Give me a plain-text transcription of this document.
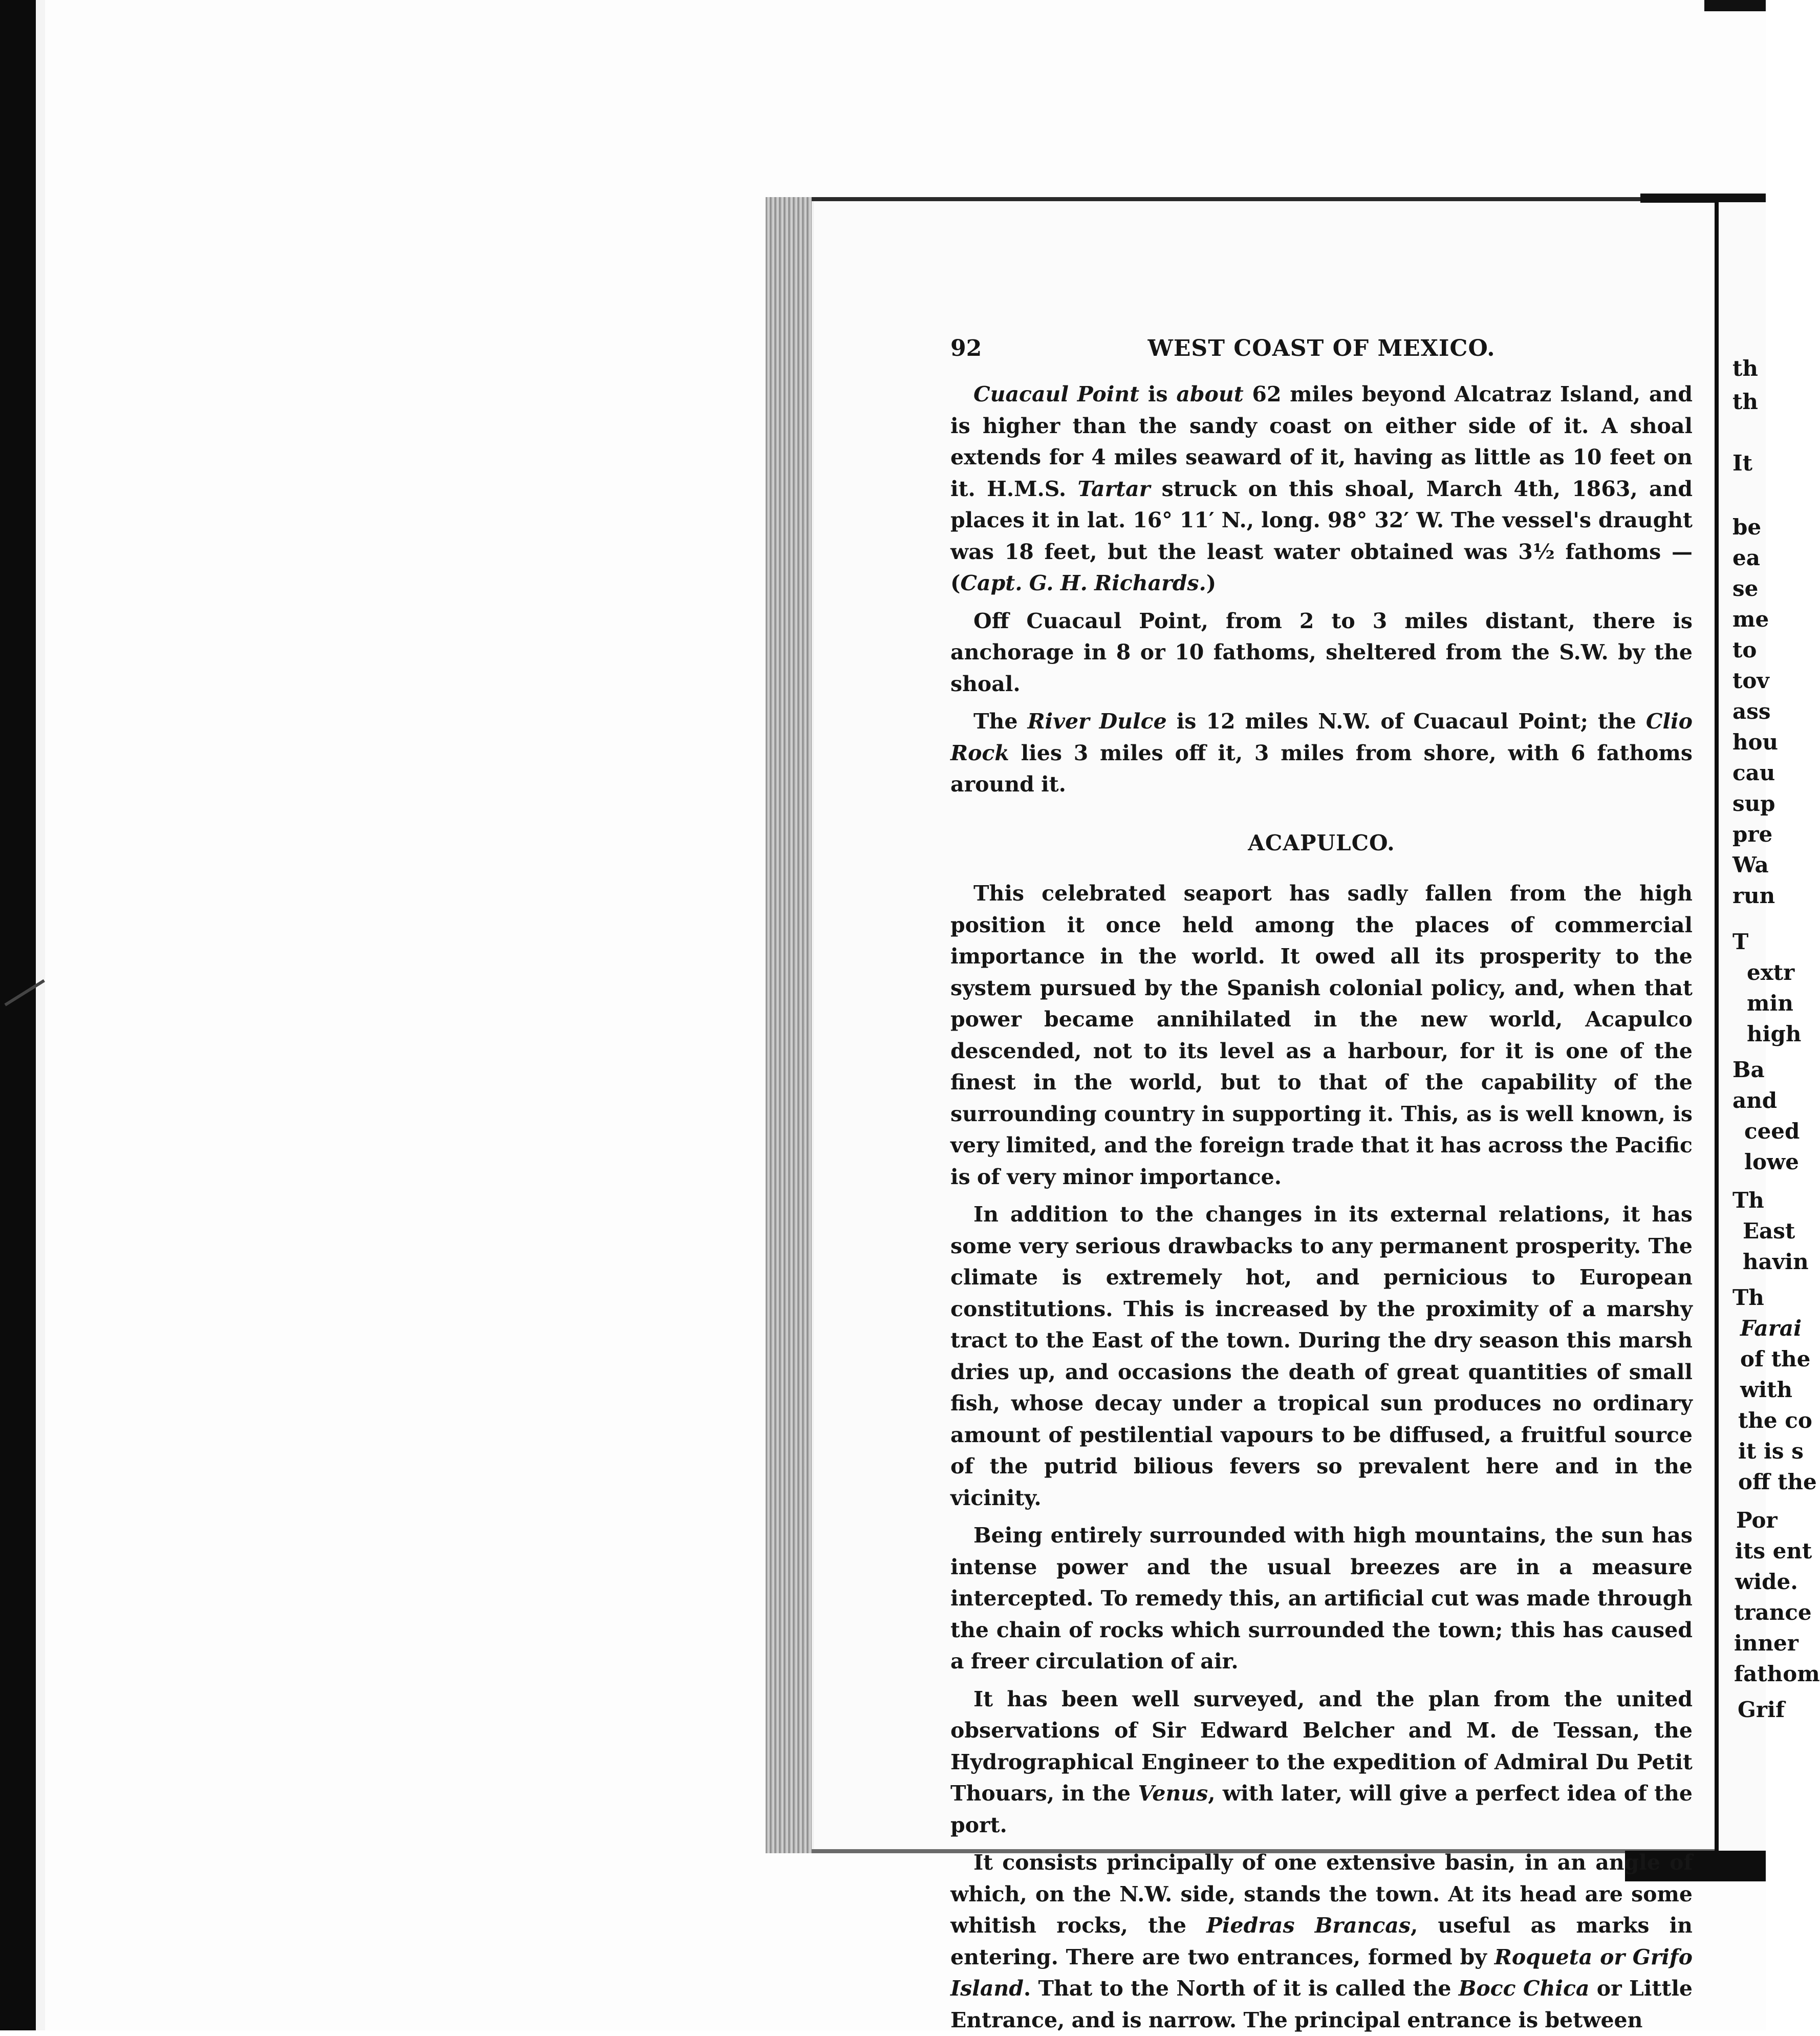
th
th
It
be
ea
se
me
to
tov
ass
hou
cau
sup
pre
Wa
run
T
extr
min
high
Ba
and
ceed
lowe
Th
East
havin
Th
Farai
of the
with
the co
it is s
off the
Por
its ent
wide.
trance
inner
fathom
Grif
92	WEST COAST OF MEXICO.

Cuacaul Point is about 62 miles beyond Alcatraz Island, and is higher than the sandy coast on either side of it. A shoal extends for 4 miles seaward of it, having as little as 10 feet on it. H.M.S. Tartar struck on this shoal, March 4th, 1863, and places it in lat. 16° 11′ N., long. 98° 32′ W. The vessel's draught was 18 feet, but the least water obtained was 3½ fathoms — (Capt. G. H. Richards.)

Off Cuacaul Point, from 2 to 3 miles distant, there is anchorage in 8 or 10 fathoms, sheltered from the S.W. by the shoal.

The River Dulce is 12 miles N.W. of Cuacaul Point; the Clio Rock lies 3 miles off it, 3 miles from shore, with 6 fathoms around it.

ACAPULCO.

This celebrated seaport has sadly fallen from the high position it once held among the places of commercial importance in the world. It owed all its prosperity to the system pursued by the Spanish colonial policy, and, when that power became annihilated in the new world, Acapulco descended, not to its level as a harbour, for it is one of the finest in the world, but to that of the capability of the surrounding country in supporting it. This, as is well known, is very limited, and the foreign trade that it has across the Pacific is of very minor importance.

In addition to the changes in its external relations, it has some very serious drawbacks to any permanent prosperity. The climate is extremely hot, and pernicious to European constitutions. This is increased by the proximity of a marshy tract to the East of the town. During the dry season this marsh dries up, and occasions the death of great quantities of small fish, whose decay under a tropical sun produces no ordinary amount of pestilential vapours to be diffused, a fruitful source of the putrid bilious fevers so prevalent here and in the vicinity.

Being entirely surrounded with high mountains, the sun has intense power and the usual breezes are in a measure intercepted. To remedy this, an artificial cut was made through the chain of rocks which surrounded the town; this has caused a freer circulation of air.

It has been well surveyed, and the plan from the united observations of Sir Edward Belcher and M. de Tessan, the Hydrographical Engineer to the expedition of Admiral Du Petit Thouars, in the Venus, with later, will give a perfect idea of the port.

It consists principally of one extensive basin, in an angle of which, on the N.W. side, stands the town. At its head are some whitish rocks, the Piedras Brancas, useful as marks in entering. There are two entrances, formed by Roqueta or Grifo Island. That to the North of it is called the Bocc Chica or Little Entrance, and is narrow. The principal entrance is between
